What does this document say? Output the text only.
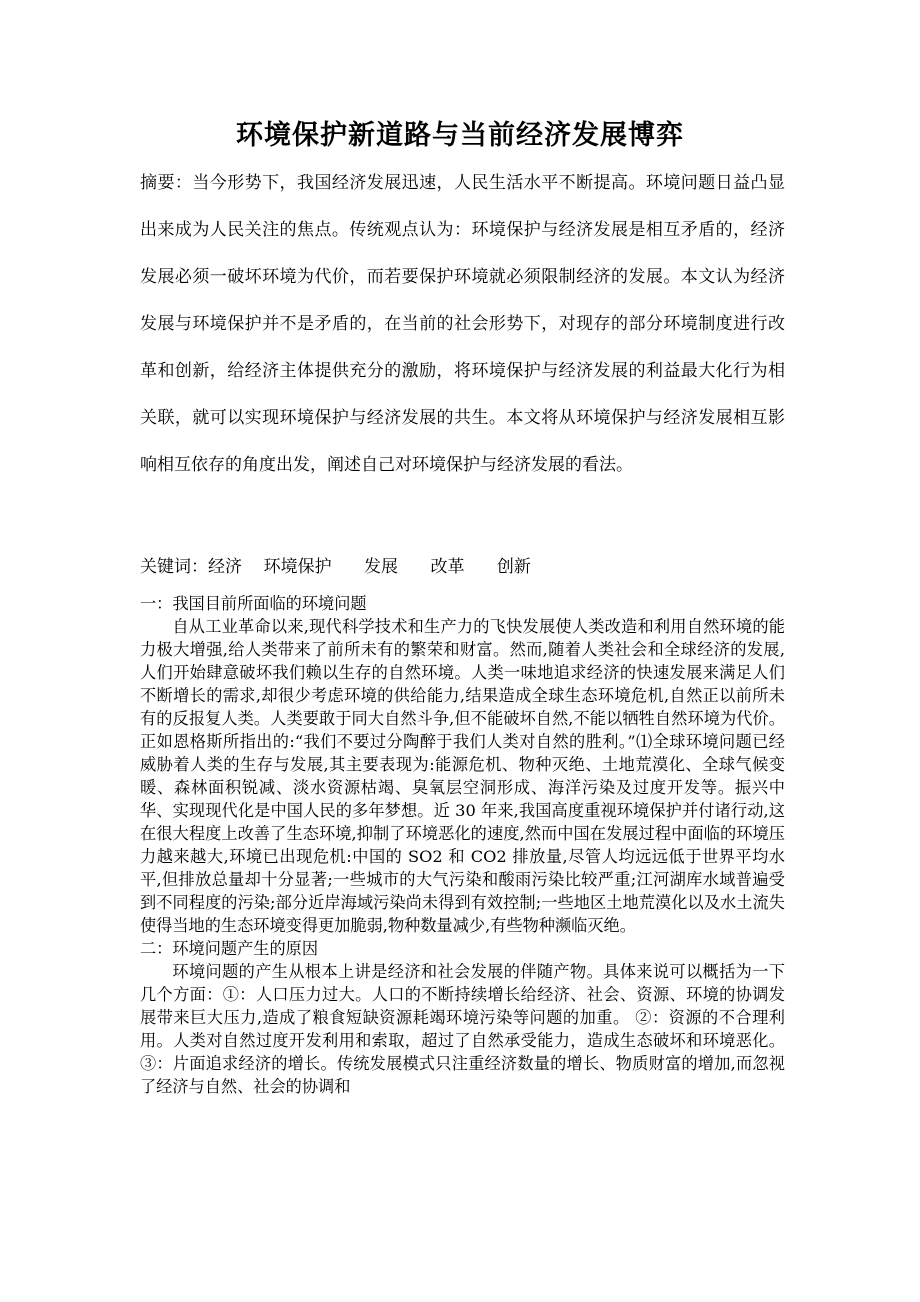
环境保护新道路与当前经济发展博弈

摘要：当今形势下，我国经济发展迅速，人民生活水平不断提高。环境问题日益凸显出来成为人民关注的焦点。传统观点认为：环境保护与经济发展是相互矛盾的，经济发展必须一破坏环境为代价，而若要保护环境就必须限制经济的发展。本文认为经济发展与环境保护并不是矛盾的，在当前的社会形势下，对现存的部分环境制度进行改革和创新，给经济主体提供充分的激励，将环境保护与经济发展的利益最大化行为相关联，就可以实现环境保护与经济发展的共生。本文将从环境保护与经济发展相互影响相互依存的角度出发，阐述自己对环境保护与经济发展的看法。

关键词：经济    环境保护      发展      改革      创新

一：我国目前所面临的环境问题

自从工业革命以来,现代科学技术和生产力的飞快发展使人类改造和利用自然环境的能力极大增强,给人类带来了前所未有的繁荣和财富。然而,随着人类社会和全球经济的发展,人们开始肆意破坏我们赖以生存的自然环境。人类一味地追求经济的快速发展来满足人们不断增长的需求,却很少考虑环境的供给能力,结果造成全球生态环境危机,自然正以前所未有的反报复人类。人类要敢于同大自然斗争,但不能破坏自然,不能以牺牲自然环境为代价。正如恩格斯所指出的:“我们不要过分陶醉于我们人类对自然的胜利。”⑴全球环境问题已经威胁着人类的生存与发展,其主要表现为:能源危机、物种灭绝、土地荒漠化、全球气候变暖、森林面积锐减、淡水资源枯竭、臭氧层空洞形成、海洋污染及过度开发等。振兴中华、实现现代化是中国人民的多年梦想。近 30 年来,我国高度重视环境保护并付诸行动,这在很大程度上改善了生态环境,抑制了环境恶化的速度,然而中国在发展过程中面临的环境压力越来越大,环境已出现危机:中国的 SO2 和 CO2 排放量,尽管人均远远低于世界平均水平,但排放总量却十分显著;一些城市的大气污染和酸雨污染比较严重;江河湖库水域普遍受到不同程度的污染;部分近岸海域污染尚未得到有效控制;一些地区土地荒漠化以及水土流失使得当地的生态环境变得更加脆弱,物种数量减少,有些物种濒临灭绝。

二：环境问题产生的原因

环境问题的产生从根本上讲是经济和社会发展的伴随产物。具体来说可以概括为一下几个方面：①：人口压力过大。人口的不断持续增长给经济、社会、资源、环境的协调发展带来巨大压力,造成了粮食短缺资源耗竭环境污染等问题的加重。 ②：资源的不合理利用。人类对自然过度开发利用和索取，超过了自然承受能力，造成生态破坏和环境恶化。③：片面追求经济的增长。传统发展模式只注重经济数量的增长、物质财富的增加,而忽视了经济与自然、社会的协调和
